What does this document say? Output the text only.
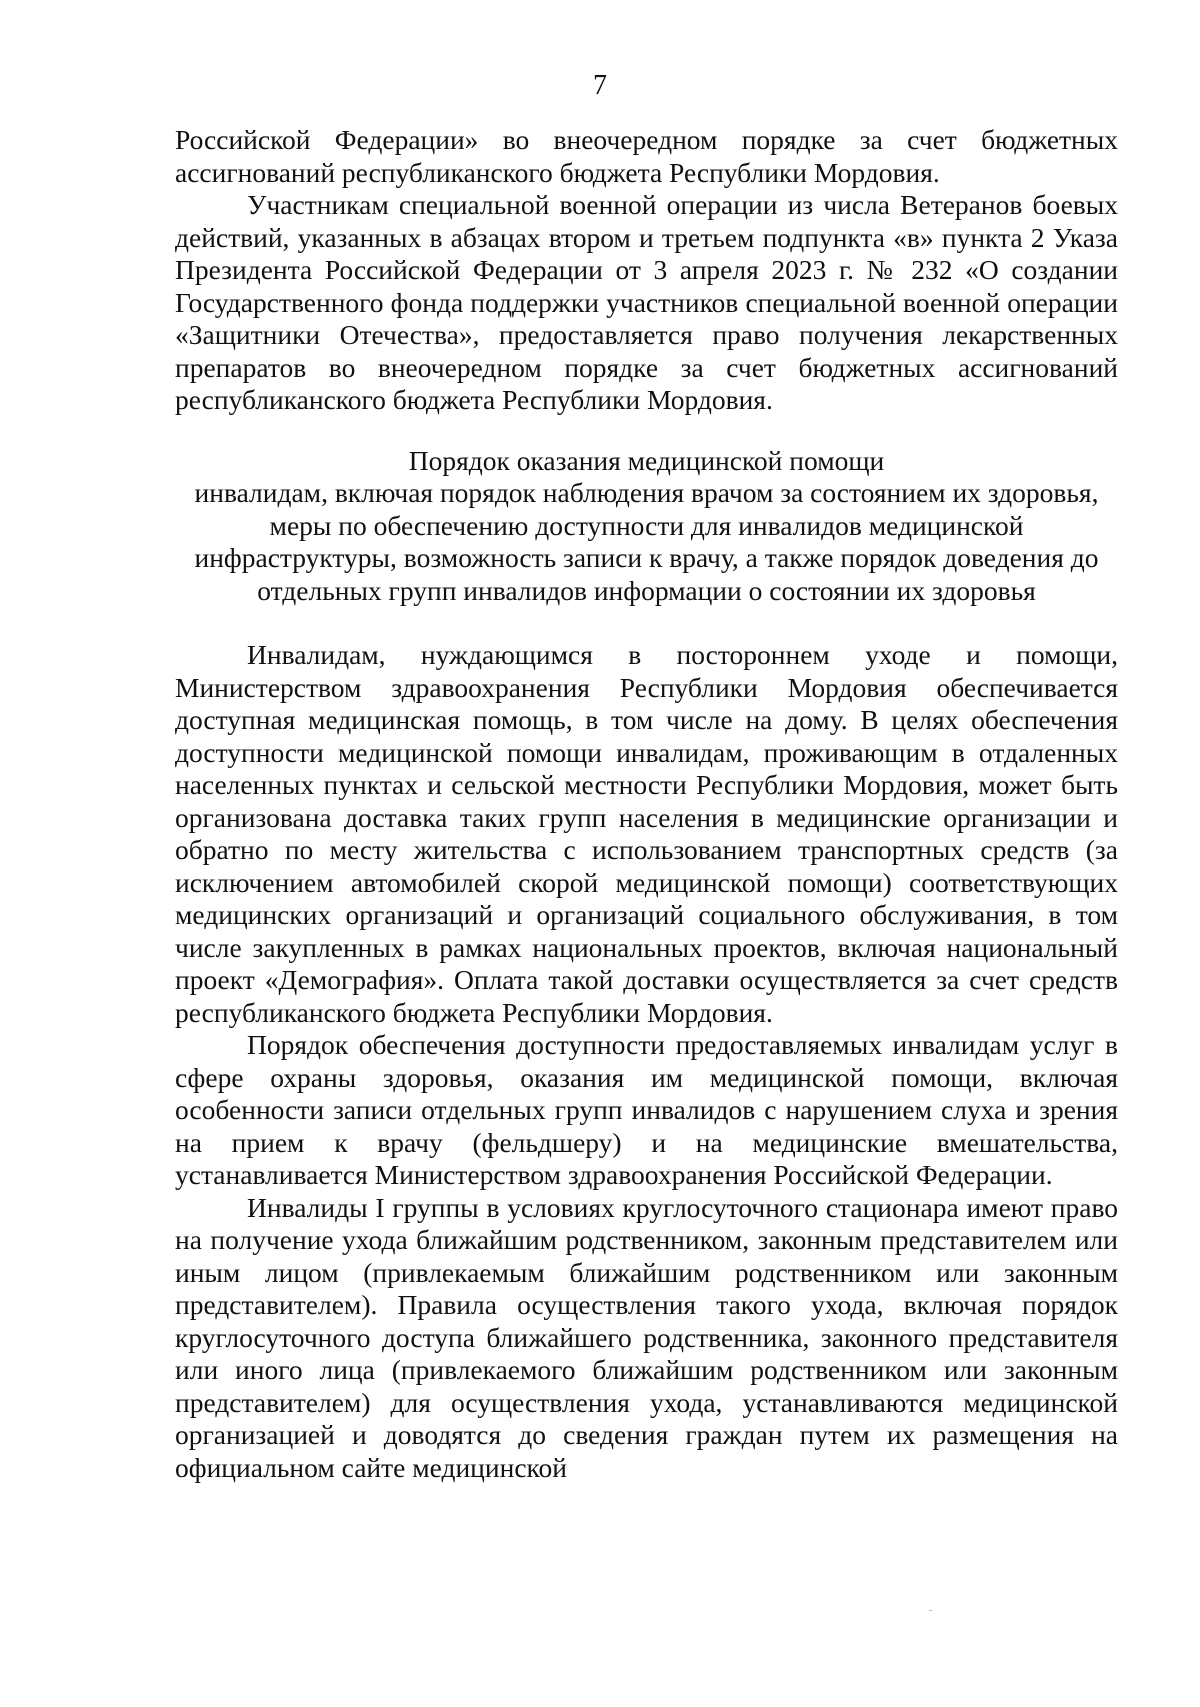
7

Российской Федерации» во внеочередном порядке за счет бюджетных ассигнований республиканского бюджета Республики Мордовия.

Участникам специальной военной операции из числа Ветеранов боевых действий, указанных в абзацах втором и третьем подпункта «в» пункта 2 Указа Президента Российской Федерации от 3 апреля 2023 г. № 232 «О создании Государственного фонда поддержки участников специальной военной операции «Защитники Отечества», предоставляется право получения лекарственных препаратов во внеочередном порядке за счет бюджетных ассигнований республиканского бюджета Республики Мордовия.

Порядок оказания медицинской помощи
инвалидам, включая порядок наблюдения врачом за состоянием их здоровья,
меры по обеспечению доступности для инвалидов медицинской
инфраструктуры, возможность записи к врачу, а также порядок доведения до
отдельных групп инвалидов информации о состоянии их здоровья

Инвалидам, нуждающимся в постороннем уходе и помощи, Министерством здравоохранения Республики Мордовия обеспечивается доступная медицинская помощь, в том числе на дому. В целях обеспечения доступности медицинской помощи инвалидам, проживающим в отдаленных населенных пунктах и сельской местности Республики Мордовия, может быть организована доставка таких групп населения в медицинские организации и обратно по месту жительства с использованием транспортных средств (за исключением автомобилей скорой медицинской помощи) соответствующих медицинских организаций и организаций социального обслуживания, в том числе закупленных в рамках национальных проектов, включая национальный проект «Демография». Оплата такой доставки осуществляется за счет средств республиканского бюджета Республики Мордовия.

Порядок обеспечения доступности предоставляемых инвалидам услуг в сфере охраны здоровья, оказания им медицинской помощи, включая особенности записи отдельных групп инвалидов с нарушением слуха и зрения на прием к врачу (фельдшеру) и на медицинские вмешательства, устанавливается Министерством здравоохранения Российской Федерации.

Инвалиды I группы в условиях круглосуточного стационара имеют право на получение ухода ближайшим родственником, законным представителем или иным лицом (привлекаемым ближайшим родственником или законным представителем). Правила осуществления такого ухода, включая порядок круглосуточного доступа ближайшего родственника, законного представителя или иного лица (привлекаемого ближайшим родственником или законным представителем) для осуществления ухода, устанавливаются медицинской организацией и доводятся до сведения граждан путем их размещения на официальном сайте медицинской
